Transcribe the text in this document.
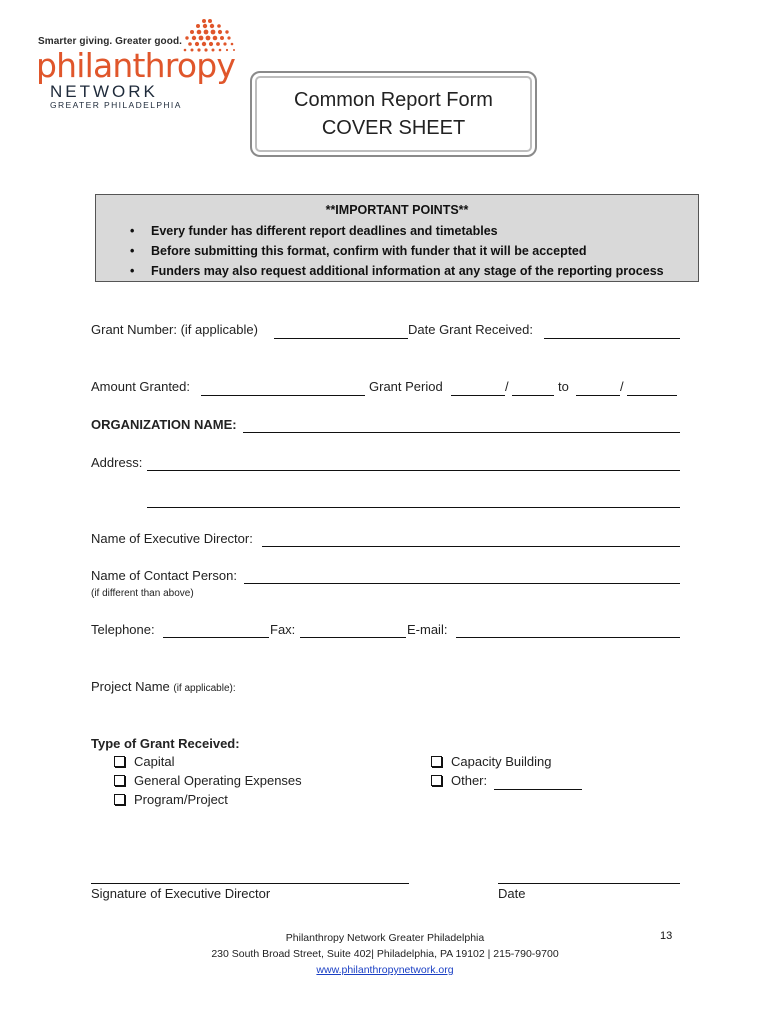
Smarter giving. Greater good.
philanthropy
NETWORK
GREATER PHILADELPHIA	Common Report Form
COVER SHEET
**IMPORTANT POINTS**
• Every funder has different report deadlines and timetables
• Before submitting this format, confirm with funder that it will be accepted
• Funders may also request additional information at any stage of the reporting process
Grant Number: (if applicable)	Date Grant Received:
Amount Granted:	Grant Period	/	to	/
ORGANIZATION NAME:
Address:
Name of Executive Director:
Name of Contact Person:
(if different than above)
Telephone:	Fax:	E-mail:
Project Name (if applicable):
Type of Grant Received:
Capital
General Operating Expenses
Program/Project
Capacity Building
Other:
Signature of Executive Director	Date
Philanthropy Network Greater Philadelphia
230 South Broad Street, Suite 402| Philadelphia, PA 19102 | 215-790-9700
www.philanthropynetwork.org
13
